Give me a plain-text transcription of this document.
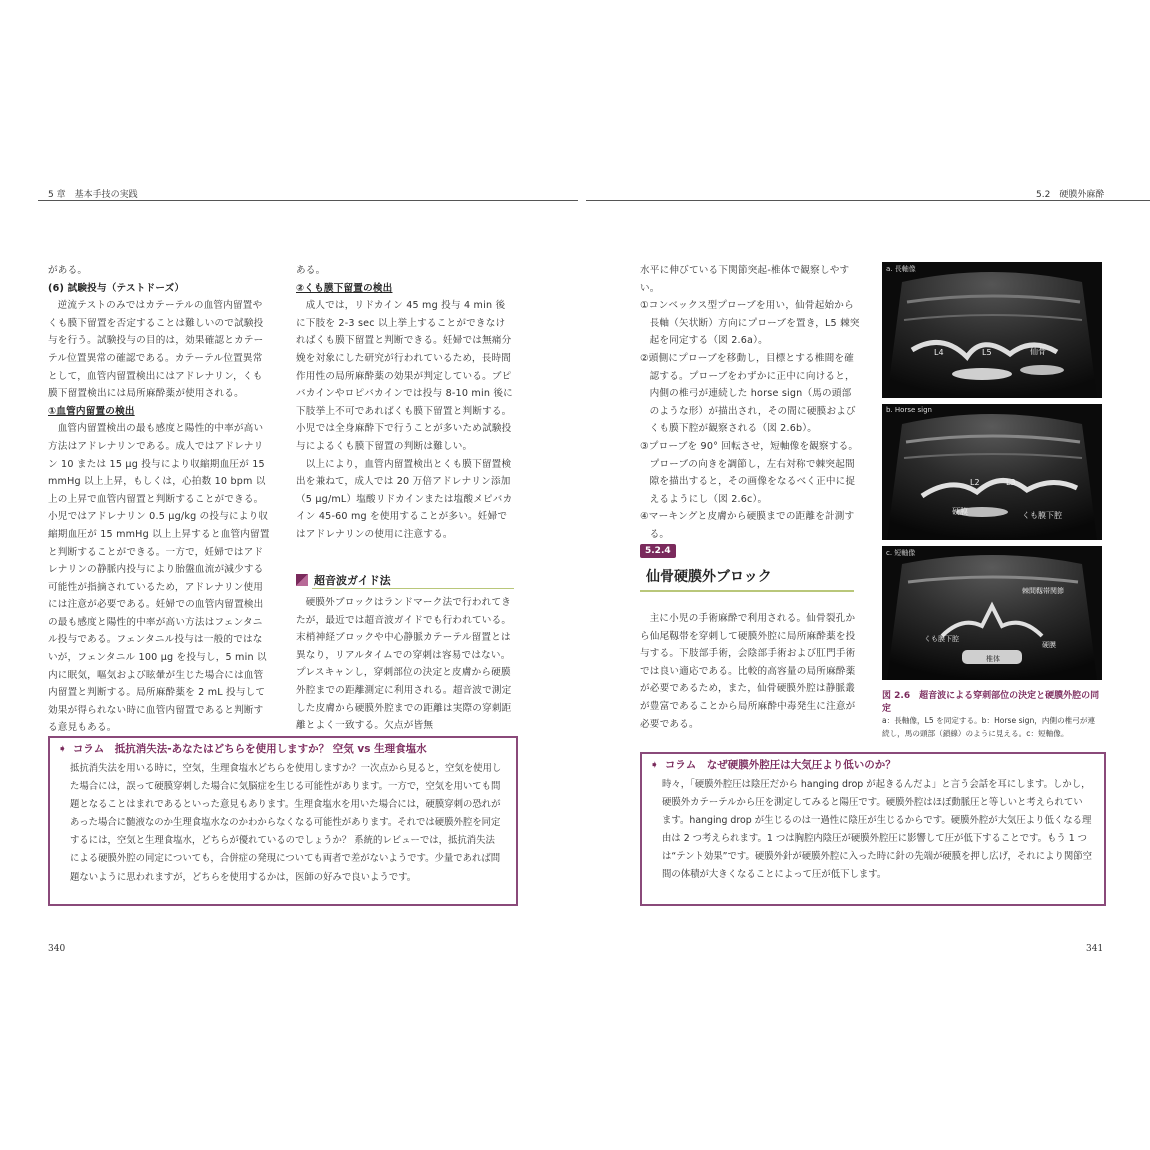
5 章　基本手技の実践	5.2　硬膜外麻酔

がある。

(6) 試験投与（テストドーズ）

逆流テストのみではカテーテルの血管内留置やくも膜下留置を否定することは難しいので試験投与を行う。試験投与の目的は，効果確認とカテーテル位置異常の確認である。カテーテル位置異常として，血管内留置検出にはアドレナリン，くも膜下留置検出には局所麻酔薬が使用される。

①血管内留置の検出

血管内留置検出の最も感度と陽性的中率が高い方法はアドレナリンである。成人ではアドレナリン 10 または 15 μg 投与により収縮期血圧が 15 mmHg 以上上昇，もしくは，心拍数 10 bpm 以上の上昇で血管内留置と判断することができる。小児ではアドレナリン 0.5 μg/kg の投与により収縮期血圧が 15 mmHg 以上上昇すると血管内留置と判断することができる。一方で，妊婦ではアドレナリンの静脈内投与により胎盤血流が減少する可能性が指摘されているため，アドレナリン使用には注意が必要である。妊婦での血管内留置検出の最も感度と陽性的中率が高い方法はフェンタニル投与である。フェンタニル投与は一般的ではないが，フェンタニル 100 μg を投与し，5 min 以内に眠気，嘔気および眩暈が生じた場合には血管内留置と判断する。局所麻酔薬を 2 mL 投与して効果が得られない時に血管内留置であると判断する意見もある。

ある。

②くも膜下留置の検出

成人では，リドカイン 45 mg 投与 4 min 後に下肢を 2-3 sec 以上挙上することができなければくも膜下留置と判断できる。妊婦では無痛分娩を対象にした研究が行われているため，長時間作用性の局所麻酔薬の効果が判定している。ブピバカインやロピバカインでは投与 8-10 min 後に下肢挙上不可であればくも膜下留置と判断する。小児では全身麻酔下で行うことが多いため試験投与によるくも膜下留置の判断は難しい。

以上により，血管内留置検出とくも膜下留置検出を兼ねて，成人では 20 万倍アドレナリン添加（5 μg/mL）塩酸リドカインまたは塩酸メピバカイン 45-60 mg を使用することが多い。妊婦ではアドレナリンの使用に注意する。

超音波ガイド法

硬膜外ブロックはランドマーク法で行われてきたが，最近では超音波ガイドでも行われている。末梢神経ブロックや中心静脈カテーテル留置とは異なり，リアルタイムでの穿刺は容易ではない。プレスキャンし，穿刺部位の決定と皮膚から硬膜外腔までの距離測定に利用される。超音波で測定した皮膚から硬膜外腔までの距離は実際の穿刺距離とよく一致する。欠点が皆無

➧ コラム　 抵抗消失法-あなたはどちらを使用しますか？ 空気 vs 生理食塩水

抵抗消失法を用いる時に，空気，生理食塩水どちらを使用しますか？一次点から見ると，空気を使用した場合には，誤って硬膜穿刺した場合に気脳症を生じる可能性があります。一方で，空気を用いても問題となることはまれであるといった意見もあります。生理食塩水を用いた場合には，硬膜穿刺の恐れがあった場合に髄液なのか生理食塩水なのかわからなくなる可能性があります。それでは硬膜外腔を同定するには，空気と生理食塩水，どちらが優れているのでしょうか？ 系統的レビューでは，抵抗消失法による硬膜外腔の同定についても，合併症の発現についても両者で差がないようです。少量であれば問題ないように思われますが，どちらを使用するかは，医師の好みで良いようです。

340

水平に伸びている下関節突起-椎体で観察しやすい。

①コンベックス型プローブを用い，仙骨起始から長軸（矢状断）方向にプローブを置き，L5 棘突起を同定する（図 2.6a）。

②頭側にプローブを移動し，目標とする椎間を確認する。プローブをわずかに正中に向けると，内側の椎弓が連続した horse sign（馬の頭部のような形）が描出され，その間に硬膜およびくも膜下腔が観察される（図 2.6b）。

③プローブを 90° 回転させ，短軸像を観察する。プローブの向きを調節し，左右対称で棘突起間隙を描出すると，その画像をなるべく正中に捉えるようにし（図 2.6c）。

④マーキングと皮膚から硬膜までの距離を計測する。

5.2.4
仙骨硬膜外ブロック

主に小児の手術麻酔で利用される。仙骨裂孔から仙尾靱帯を穿刺して硬膜外腔に局所麻酔薬を投与する。下肢部手術，会陰部手術および肛門手術では良い適応である。比較的高容量の局所麻酔薬が必要であるため，また，仙骨硬膜外腔は静脈叢が豊富であることから局所麻酔中毒発生に注意が必要である。

a. 長軸像
L4	L5	仙骨
b. Horse sign
L2	L3
硬膜	くも膜下腔
c. 短軸像
棘間靱帯関節
硬膜
くも膜下腔
椎体
図 2.6　 超音波による穿刺部位の決定と硬膜外腔の同定
a：長軸像，L5 を同定する。b：Horse sign，内側の椎弓が連続し，馬の頭部（鎖線）のように見える。c：短軸像。
➧ コラム　 なぜ硬膜外腔圧は大気圧より低いのか？

時々，「硬膜外腔圧は陰圧だから hanging drop が起きるんだよ」と言う会話を耳にします。しかし，硬膜外カテーテルから圧を測定してみると陽圧です。硬膜外腔はほぼ動脈圧と等しいと考えられています。hanging drop が生じるのは一過性に陰圧が生じるからです。硬膜外腔が大気圧より低くなる理由は 2 つ考えられます。1 つは胸腔内陰圧が硬膜外腔圧に影響して圧が低下することです。もう 1 つは“テント効果”です。硬膜外針が硬膜外腔に入った時に針の先端が硬膜を押し広げ，それにより関節空間の体積が大きくなることによって圧が低下します。

341
